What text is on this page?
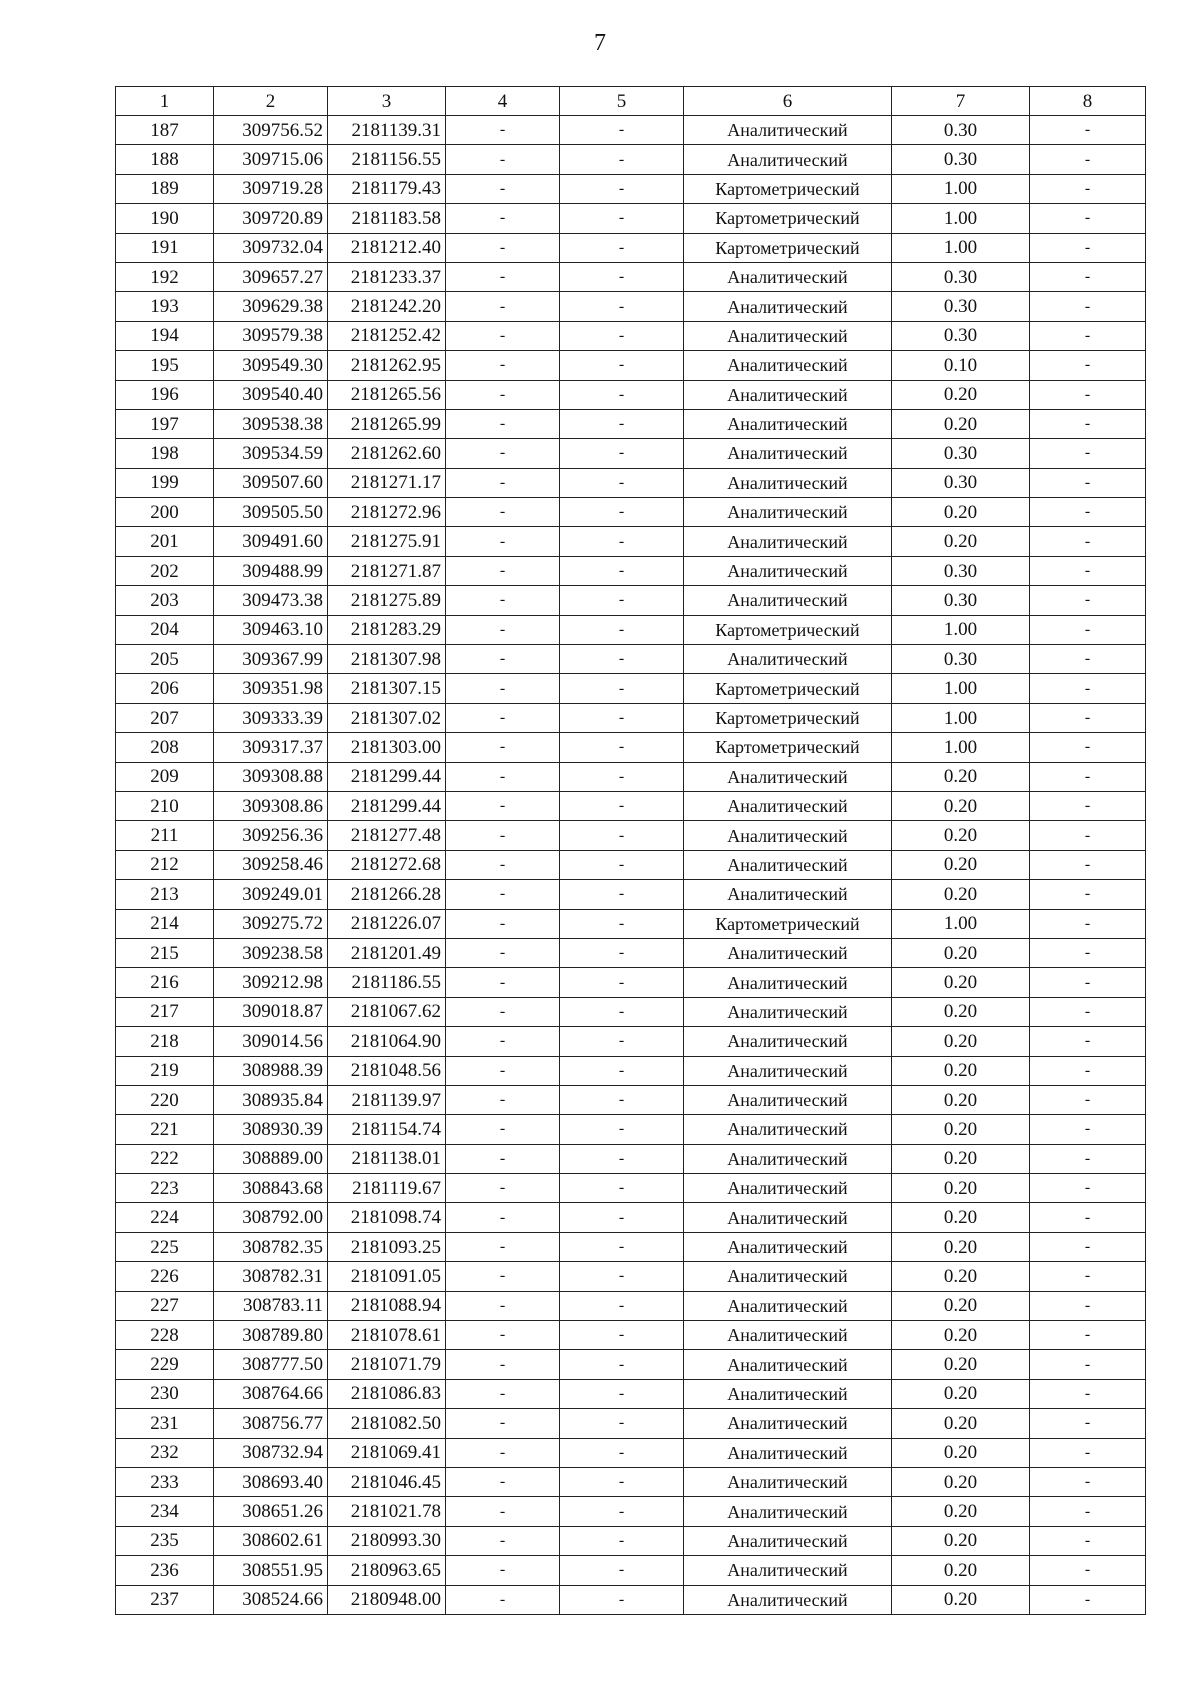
7
1	2	3	4	5	6	7	8
187	309756.52	2181139.31	-	-	Аналитический	0.30	-
188	309715.06	2181156.55	-	-	Аналитический	0.30	-
189	309719.28	2181179.43	-	-	Картометрический	1.00	-
190	309720.89	2181183.58	-	-	Картометрический	1.00	-
191	309732.04	2181212.40	-	-	Картометрический	1.00	-
192	309657.27	2181233.37	-	-	Аналитический	0.30	-
193	309629.38	2181242.20	-	-	Аналитический	0.30	-
194	309579.38	2181252.42	-	-	Аналитический	0.30	-
195	309549.30	2181262.95	-	-	Аналитический	0.10	-
196	309540.40	2181265.56	-	-	Аналитический	0.20	-
197	309538.38	2181265.99	-	-	Аналитический	0.20	-
198	309534.59	2181262.60	-	-	Аналитический	0.30	-
199	309507.60	2181271.17	-	-	Аналитический	0.30	-
200	309505.50	2181272.96	-	-	Аналитический	0.20	-
201	309491.60	2181275.91	-	-	Аналитический	0.20	-
202	309488.99	2181271.87	-	-	Аналитический	0.30	-
203	309473.38	2181275.89	-	-	Аналитический	0.30	-
204	309463.10	2181283.29	-	-	Картометрический	1.00	-
205	309367.99	2181307.98	-	-	Аналитический	0.30	-
206	309351.98	2181307.15	-	-	Картометрический	1.00	-
207	309333.39	2181307.02	-	-	Картометрический	1.00	-
208	309317.37	2181303.00	-	-	Картометрический	1.00	-
209	309308.88	2181299.44	-	-	Аналитический	0.20	-
210	309308.86	2181299.44	-	-	Аналитический	0.20	-
211	309256.36	2181277.48	-	-	Аналитический	0.20	-
212	309258.46	2181272.68	-	-	Аналитический	0.20	-
213	309249.01	2181266.28	-	-	Аналитический	0.20	-
214	309275.72	2181226.07	-	-	Картометрический	1.00	-
215	309238.58	2181201.49	-	-	Аналитический	0.20	-
216	309212.98	2181186.55	-	-	Аналитический	0.20	-
217	309018.87	2181067.62	-	-	Аналитический	0.20	-
218	309014.56	2181064.90	-	-	Аналитический	0.20	-
219	308988.39	2181048.56	-	-	Аналитический	0.20	-
220	308935.84	2181139.97	-	-	Аналитический	0.20	-
221	308930.39	2181154.74	-	-	Аналитический	0.20	-
222	308889.00	2181138.01	-	-	Аналитический	0.20	-
223	308843.68	2181119.67	-	-	Аналитический	0.20	-
224	308792.00	2181098.74	-	-	Аналитический	0.20	-
225	308782.35	2181093.25	-	-	Аналитический	0.20	-
226	308782.31	2181091.05	-	-	Аналитический	0.20	-
227	308783.11	2181088.94	-	-	Аналитический	0.20	-
228	308789.80	2181078.61	-	-	Аналитический	0.20	-
229	308777.50	2181071.79	-	-	Аналитический	0.20	-
230	308764.66	2181086.83	-	-	Аналитический	0.20	-
231	308756.77	2181082.50	-	-	Аналитический	0.20	-
232	308732.94	2181069.41	-	-	Аналитический	0.20	-
233	308693.40	2181046.45	-	-	Аналитический	0.20	-
234	308651.26	2181021.78	-	-	Аналитический	0.20	-
235	308602.61	2180993.30	-	-	Аналитический	0.20	-
236	308551.95	2180963.65	-	-	Аналитический	0.20	-
237	308524.66	2180948.00	-	-	Аналитический	0.20	-
